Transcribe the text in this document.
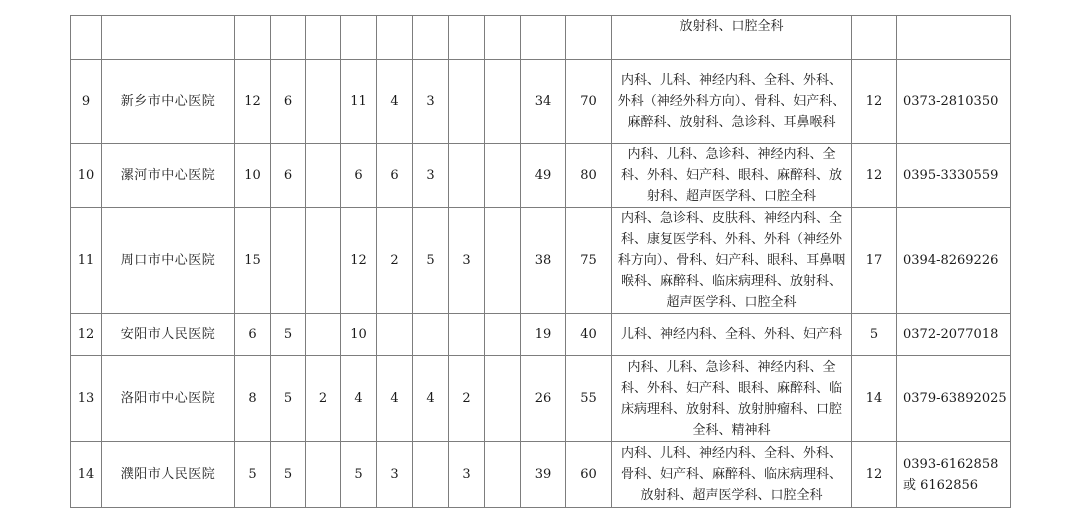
												放射科、口腔全科		
9	新乡市中心医院	12	6		11	4	3			34	70	内科、儿科、神经内科、全科、外科、外科（神经外科方向）、骨科、妇产科、麻醉科、放射科、急诊科、耳鼻喉科	12	0373-2810350
10	漯河市中心医院	10	6		6	6	3			49	80	内科、儿科、急诊科、神经内科、全科、外科、妇产科、眼科、麻醉科、放射科、超声医学科、口腔全科	12	0395-3330559
11	周口市中心医院	15			12	2	5	3		38	75	内科、急诊科、皮肤科、神经内科、全科、康复医学科、外科、外科（神经外科方向）、骨科、妇产科、眼科、耳鼻咽喉科、麻醉科、临床病理科、放射科、超声医学科、口腔全科	17	0394-8269226
12	安阳市人民医院	6	5		10					19	40	儿科、神经内科、全科、外科、妇产科	5	0372-2077018
13	洛阳市中心医院	8	5	2	4	4	4	2		26	55	内科、儿科、急诊科、神经内科、全科、外科、妇产科、眼科、麻醉科、临床病理科、放射科、放射肿瘤科、口腔全科、精神科	14	0379-63892025
14	濮阳市人民医院	5	5		5	3		3		39	60	内科、儿科、神经内科、全科、外科、骨科、妇产科、麻醉科、临床病理科、放射科、超声医学科、口腔全科	12	0393-6162858 或 6162856
